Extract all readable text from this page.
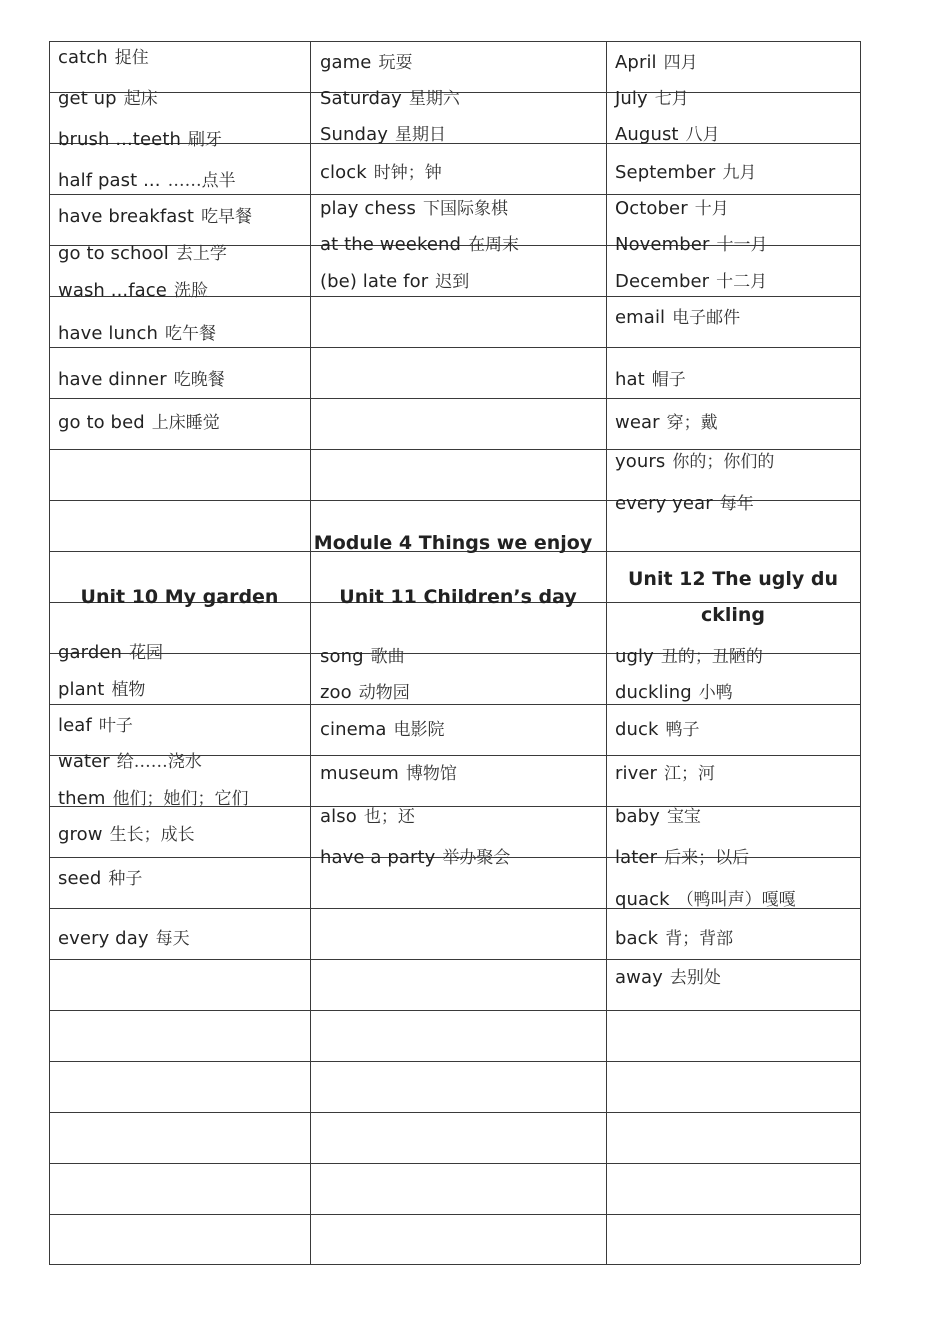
catch 捉住
get up 起床
brush ...teeth 刷牙
half past ... ……点半
have breakfast 吃早餐
go to school 去上学
wash ...face 洗脸
have lunch 吃午餐
have dinner 吃晚餐
go to bed 上床睡觉
garden 花园
plant 植物
leaf 叶子
water 给……浇水
them 他们；她们；它们
grow 生长；成长
seed 种子
every day 每天
game 玩耍
Saturday 星期六
Sunday 星期日
clock 时钟；钟
play chess 下国际象棋
at the weekend 在周末
(be) late for 迟到
song 歌曲
zoo 动物园
cinema 电影院
museum 博物馆
also 也；还
have a party 举办聚会
April 四月
July 七月
August 八月
September 九月
October 十月
November 十一月
December 十二月
email 电子邮件
hat 帽子
wear 穿；戴
yours 你的；你们的
every year 每年
ugly 丑的；丑陋的
duckling 小鸭
duck 鸭子
river 江；河
baby 宝宝
later 后来；以后
quack （鸭叫声）嘎嘎
back 背；背部
away 去别处
Unit 10 My garden
Module 4 Things we enjoy
Unit 11 Children’s day
Unit 12 The ugly du
ckling
